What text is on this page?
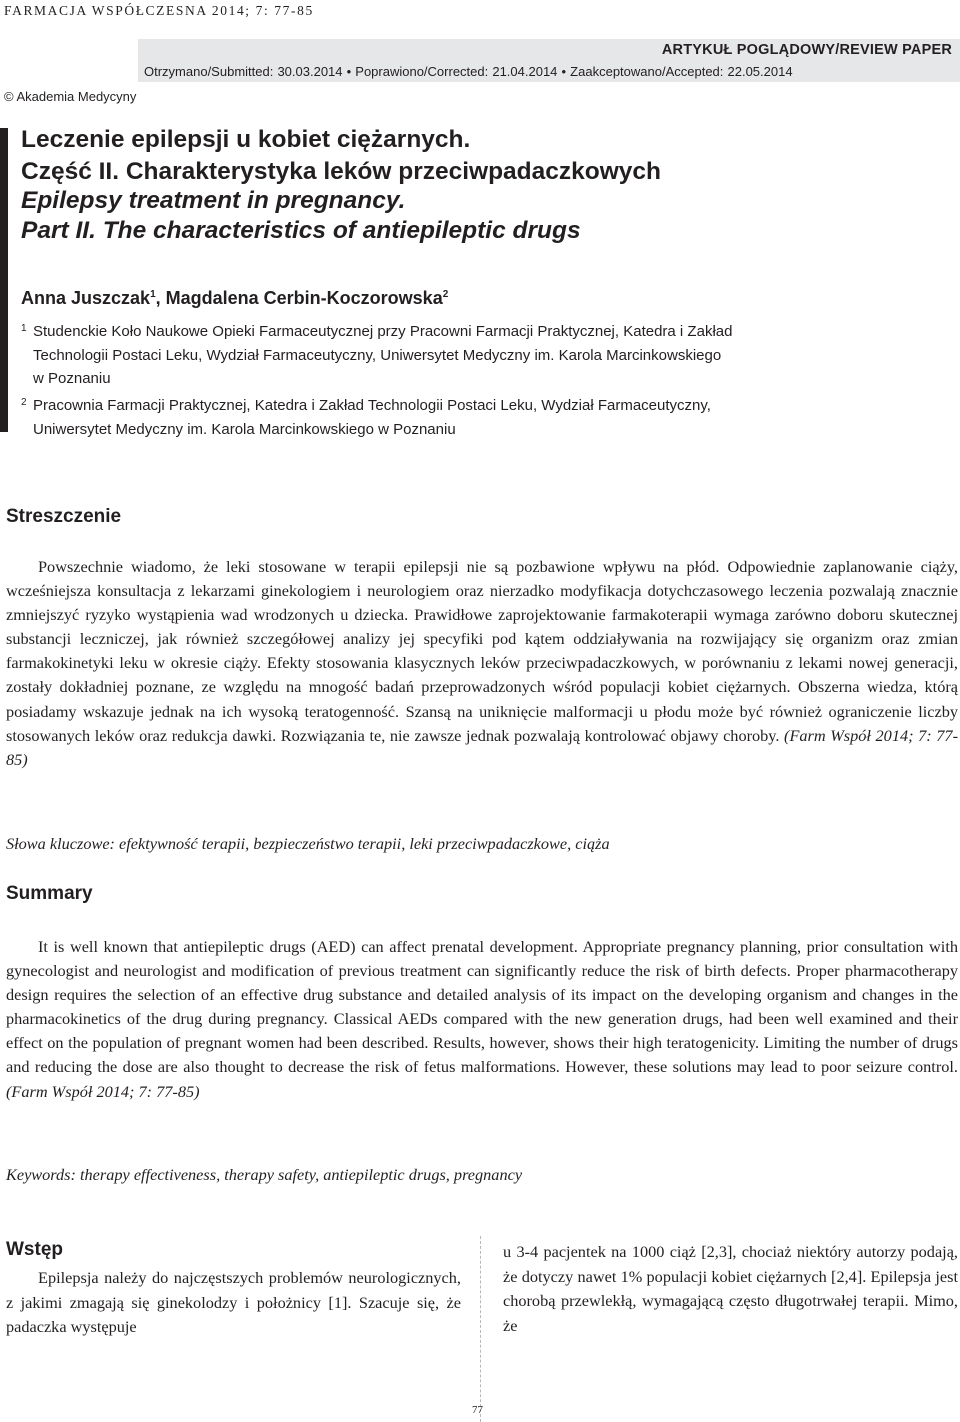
FARMACJA WSPÓŁCZESNA 2014; 7: 77-85
ARTYKUŁ POGLĄDOWY/REVIEW PAPER
Otrzymano/Submitted: 30.03.2014 • Poprawiono/Corrected: 21.04.2014 • Zaakceptowano/Accepted: 22.05.2014
© Akademia Medycyny
Leczenie epilepsji u kobiet ciężarnych.
Część II. Charakterystyka leków przeciwpadaczkowych
Epilepsy treatment in pregnancy.
Part II. The characteristics of antiepileptic drugs
Anna Juszczak$^1$, Magdalena Cerbin-Koczorowska$^2$
1 Studenckie Koło Naukowe Opieki Farmaceutycznej przy Pracowni Farmacji Praktycznej, Katedra i Zakład
Technologii Postaci Leku, Wydział Farmaceutyczny, Uniwersytet Medyczny im. Karola Marcinkowskiego
w Poznaniu
2 Pracownia Farmacji Praktycznej, Katedra i Zakład Technologii Postaci Leku, Wydział Farmaceutyczny,
Uniwersytet Medyczny im. Karola Marcinkowskiego w Poznaniu
Streszczenie

Powszechnie wiadomo, że leki stosowane w terapii epilepsji nie są pozbawione wpływu na płód. Odpowiednie zaplanowanie ciąży, wcześniejsza konsultacja z lekarzami ginekologiem i neurologiem oraz nierzadko modyfikacja dotychczasowego leczenia pozwalają znacznie zmniejszyć ryzyko wystąpienia wad wrodzonych u dziecka. Prawidłowe zaprojektowanie farmakoterapii wymaga zarówno doboru skutecznej substancji leczniczej, jak również szczegółowej analizy jej specyfiki pod kątem oddziaływania na rozwijający się organizm oraz zmian farmakokinetyki leku w okresie ciąży. Efekty stosowania klasycznych leków przeciwpadaczkowych, w porównaniu z lekami nowej generacji, zostały dokładniej poznane, ze względu na mnogość badań przeprowadzonych wśród populacji kobiet ciężarnych. Obszerna wiedza, którą posiadamy wskazuje jednak na ich wysoką teratogenność. Szansą na uniknięcie malformacji u płodu może być również ograniczenie liczby stosowanych leków oraz redukcja dawki. Rozwiązania te, nie zawsze jednak pozwalają kontrolować objawy choroby. (Farm Współ 2014; 7: 77-85)

Słowa kluczowe: efektywność terapii, bezpieczeństwo terapii, leki przeciwpadaczkowe, ciąża
Summary

It is well known that antiepileptic drugs (AED) can affect prenatal development. Appropriate pregnancy planning, prior consultation with gynecologist and neurologist and modification of previous treatment can significantly reduce the risk of birth defects. Proper pharmacotherapy design requires the selection of an effective drug substance and detailed analysis of its impact on the developing organism and changes in the pharmacokinetics of the drug during pregnancy. Classical AEDs compared with the new generation drugs, had been well examined and their effect on the population of pregnant women had been described. Results, however, shows their high teratogenicity. Limiting the number of drugs and reducing the dose are also thought to decrease the risk of fetus malformations. However, these solutions may lead to poor seizure control. (Farm Współ 2014; 7: 77-85)

Keywords: therapy effectiveness, therapy safety, antiepileptic drugs, pregnancy
Wstęp

Epilepsja należy do najczęstszych problemów neurologicznych, z jakimi zmagają się ginekolodzy i położnicy [1]. Szacuje się, że padaczka występuje

u 3-4 pacjentek na 1000 ciąż [2,3], chociaż niektóry autorzy podają, że dotyczy nawet 1% populacji kobiet ciężarnych [2,4]. Epilepsja jest chorobą przewlekłą, wymagającą często długotrwałej terapii. Mimo, że

77
